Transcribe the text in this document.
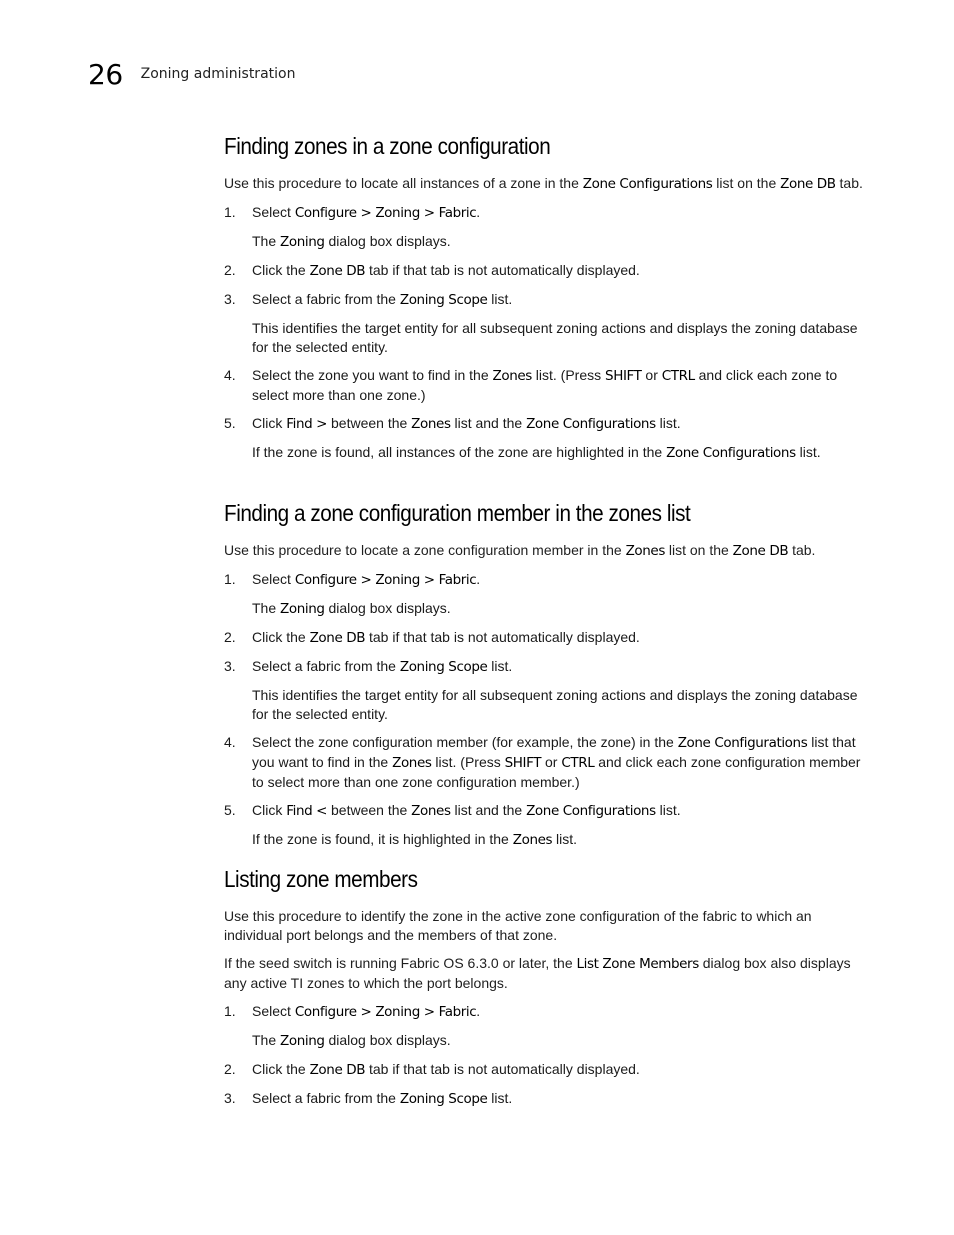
26 Zoning administration
Finding zones in a zone configuration

Use this procedure to locate all instances of a zone in the Zone Configurations list on the Zone DB tab.

1. Select Configure > Zoning > Fabric.
The Zoning dialog box displays.
2. Click the Zone DB tab if that tab is not automatically displayed.
3. Select a fabric from the Zoning Scope list.
This identifies the target entity for all subsequent zoning actions and displays the zoning database for the selected entity.
4. Select the zone you want to find in the Zones list. (Press SHIFT or CTRL and click each zone to select more than one zone.)
5. Click Find > between the Zones list and the Zone Configurations list.
If the zone is found, all instances of the zone are highlighted in the Zone Configurations list.
Finding a zone configuration member in the zones list

Use this procedure to locate a zone configuration member in the Zones list on the Zone DB tab.

1. Select Configure > Zoning > Fabric.
The Zoning dialog box displays.
2. Click the Zone DB tab if that tab is not automatically displayed.
3. Select a fabric from the Zoning Scope list.
This identifies the target entity for all subsequent zoning actions and displays the zoning database for the selected entity.
4. Select the zone configuration member (for example, the zone) in the Zone Configurations list that you want to find in the Zones list. (Press SHIFT or CTRL and click each zone configuration member to select more than one zone configuration member.)
5. Click Find < between the Zones list and the Zone Configurations list.
If the zone is found, it is highlighted in the Zones list.
Listing zone members

Use this procedure to identify the zone in the active zone configuration of the fabric to which an individual port belongs and the members of that zone.

If the seed switch is running Fabric OS 6.3.0 or later, the List Zone Members dialog box also displays any active TI zones to which the port belongs.

1. Select Configure > Zoning > Fabric.
The Zoning dialog box displays.
2. Click the Zone DB tab if that tab is not automatically displayed.
3. Select a fabric from the Zoning Scope list.
